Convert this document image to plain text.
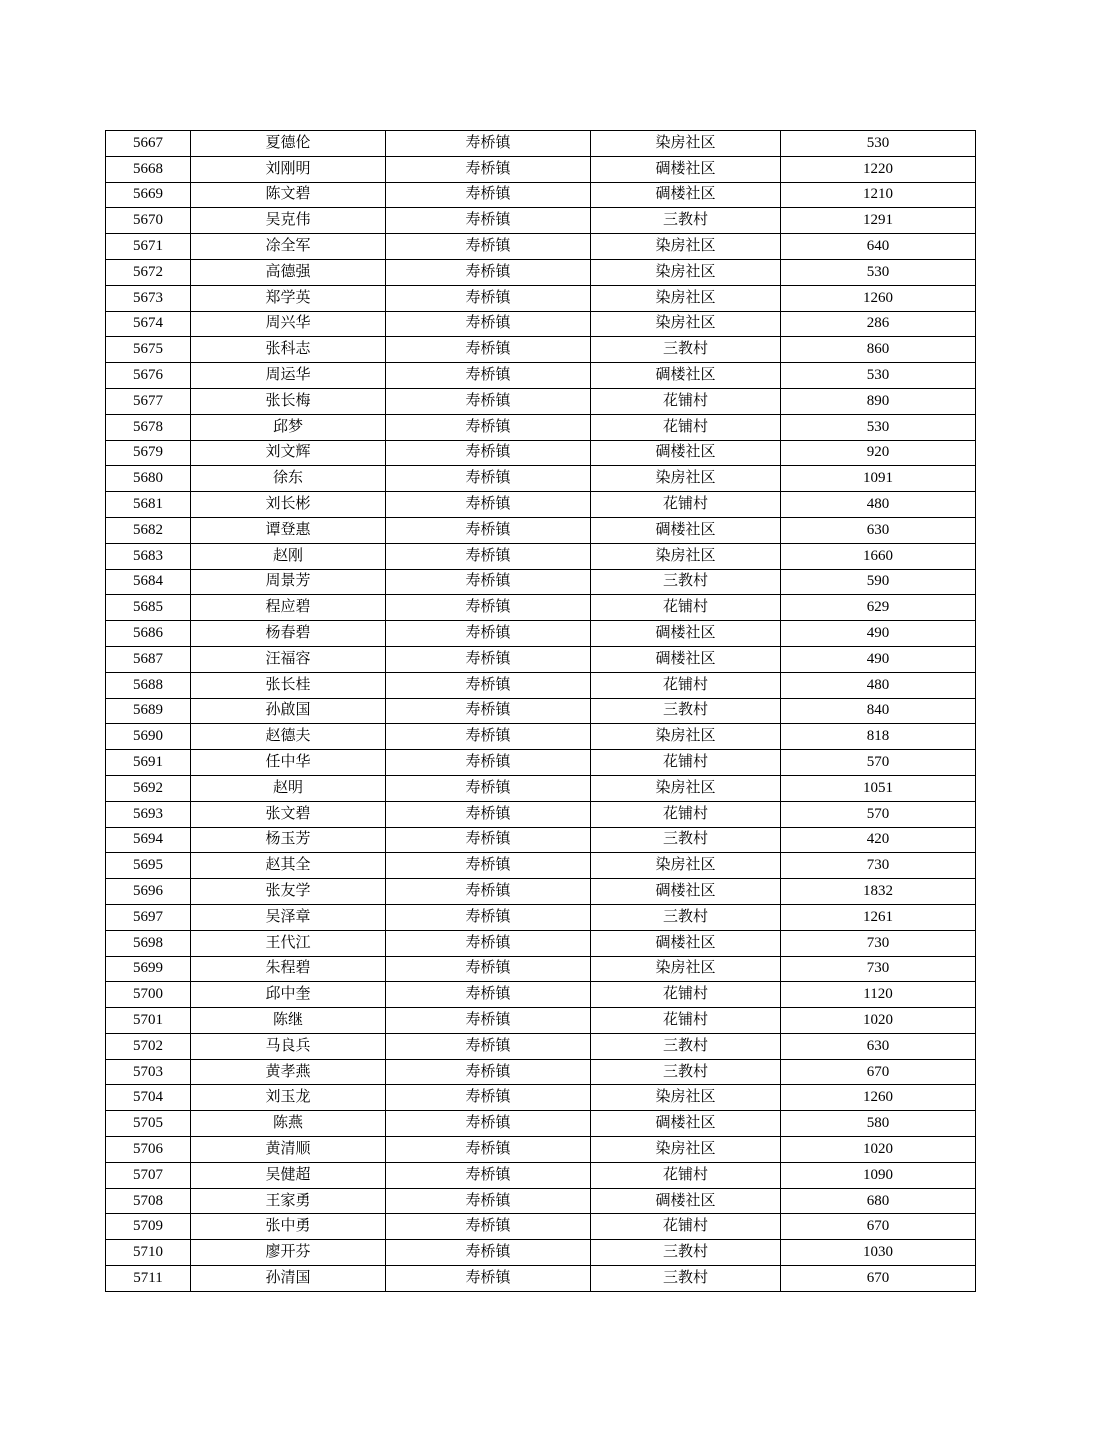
5667	夏德伦	寿桥镇	染房社区	530
5668	刘刚明	寿桥镇	碉楼社区	1220
5669	陈文碧	寿桥镇	碉楼社区	1210
5670	吴克伟	寿桥镇	三教村	1291
5671	凃全军	寿桥镇	染房社区	640
5672	高德强	寿桥镇	染房社区	530
5673	郑学英	寿桥镇	染房社区	1260
5674	周兴华	寿桥镇	染房社区	286
5675	张科志	寿桥镇	三教村	860
5676	周运华	寿桥镇	碉楼社区	530
5677	张长梅	寿桥镇	花铺村	890
5678	邱梦	寿桥镇	花铺村	530
5679	刘文辉	寿桥镇	碉楼社区	920
5680	徐东	寿桥镇	染房社区	1091
5681	刘长彬	寿桥镇	花铺村	480
5682	谭登惠	寿桥镇	碉楼社区	630
5683	赵刚	寿桥镇	染房社区	1660
5684	周景芳	寿桥镇	三教村	590
5685	程应碧	寿桥镇	花铺村	629
5686	杨春碧	寿桥镇	碉楼社区	490
5687	汪福容	寿桥镇	碉楼社区	490
5688	张长桂	寿桥镇	花铺村	480
5689	孙啟国	寿桥镇	三教村	840
5690	赵德夫	寿桥镇	染房社区	818
5691	任中华	寿桥镇	花铺村	570
5692	赵明	寿桥镇	染房社区	1051
5693	张文碧	寿桥镇	花铺村	570
5694	杨玉芳	寿桥镇	三教村	420
5695	赵其全	寿桥镇	染房社区	730
5696	张友学	寿桥镇	碉楼社区	1832
5697	吴泽章	寿桥镇	三教村	1261
5698	王代江	寿桥镇	碉楼社区	730
5699	朱程碧	寿桥镇	染房社区	730
5700	邱中奎	寿桥镇	花铺村	1120
5701	陈继	寿桥镇	花铺村	1020
5702	马良兵	寿桥镇	三教村	630
5703	黄孝燕	寿桥镇	三教村	670
5704	刘玉龙	寿桥镇	染房社区	1260
5705	陈燕	寿桥镇	碉楼社区	580
5706	黄清顺	寿桥镇	染房社区	1020
5707	吴健超	寿桥镇	花铺村	1090
5708	王家勇	寿桥镇	碉楼社区	680
5709	张中勇	寿桥镇	花铺村	670
5710	廖开芬	寿桥镇	三教村	1030
5711	孙清国	寿桥镇	三教村	670
